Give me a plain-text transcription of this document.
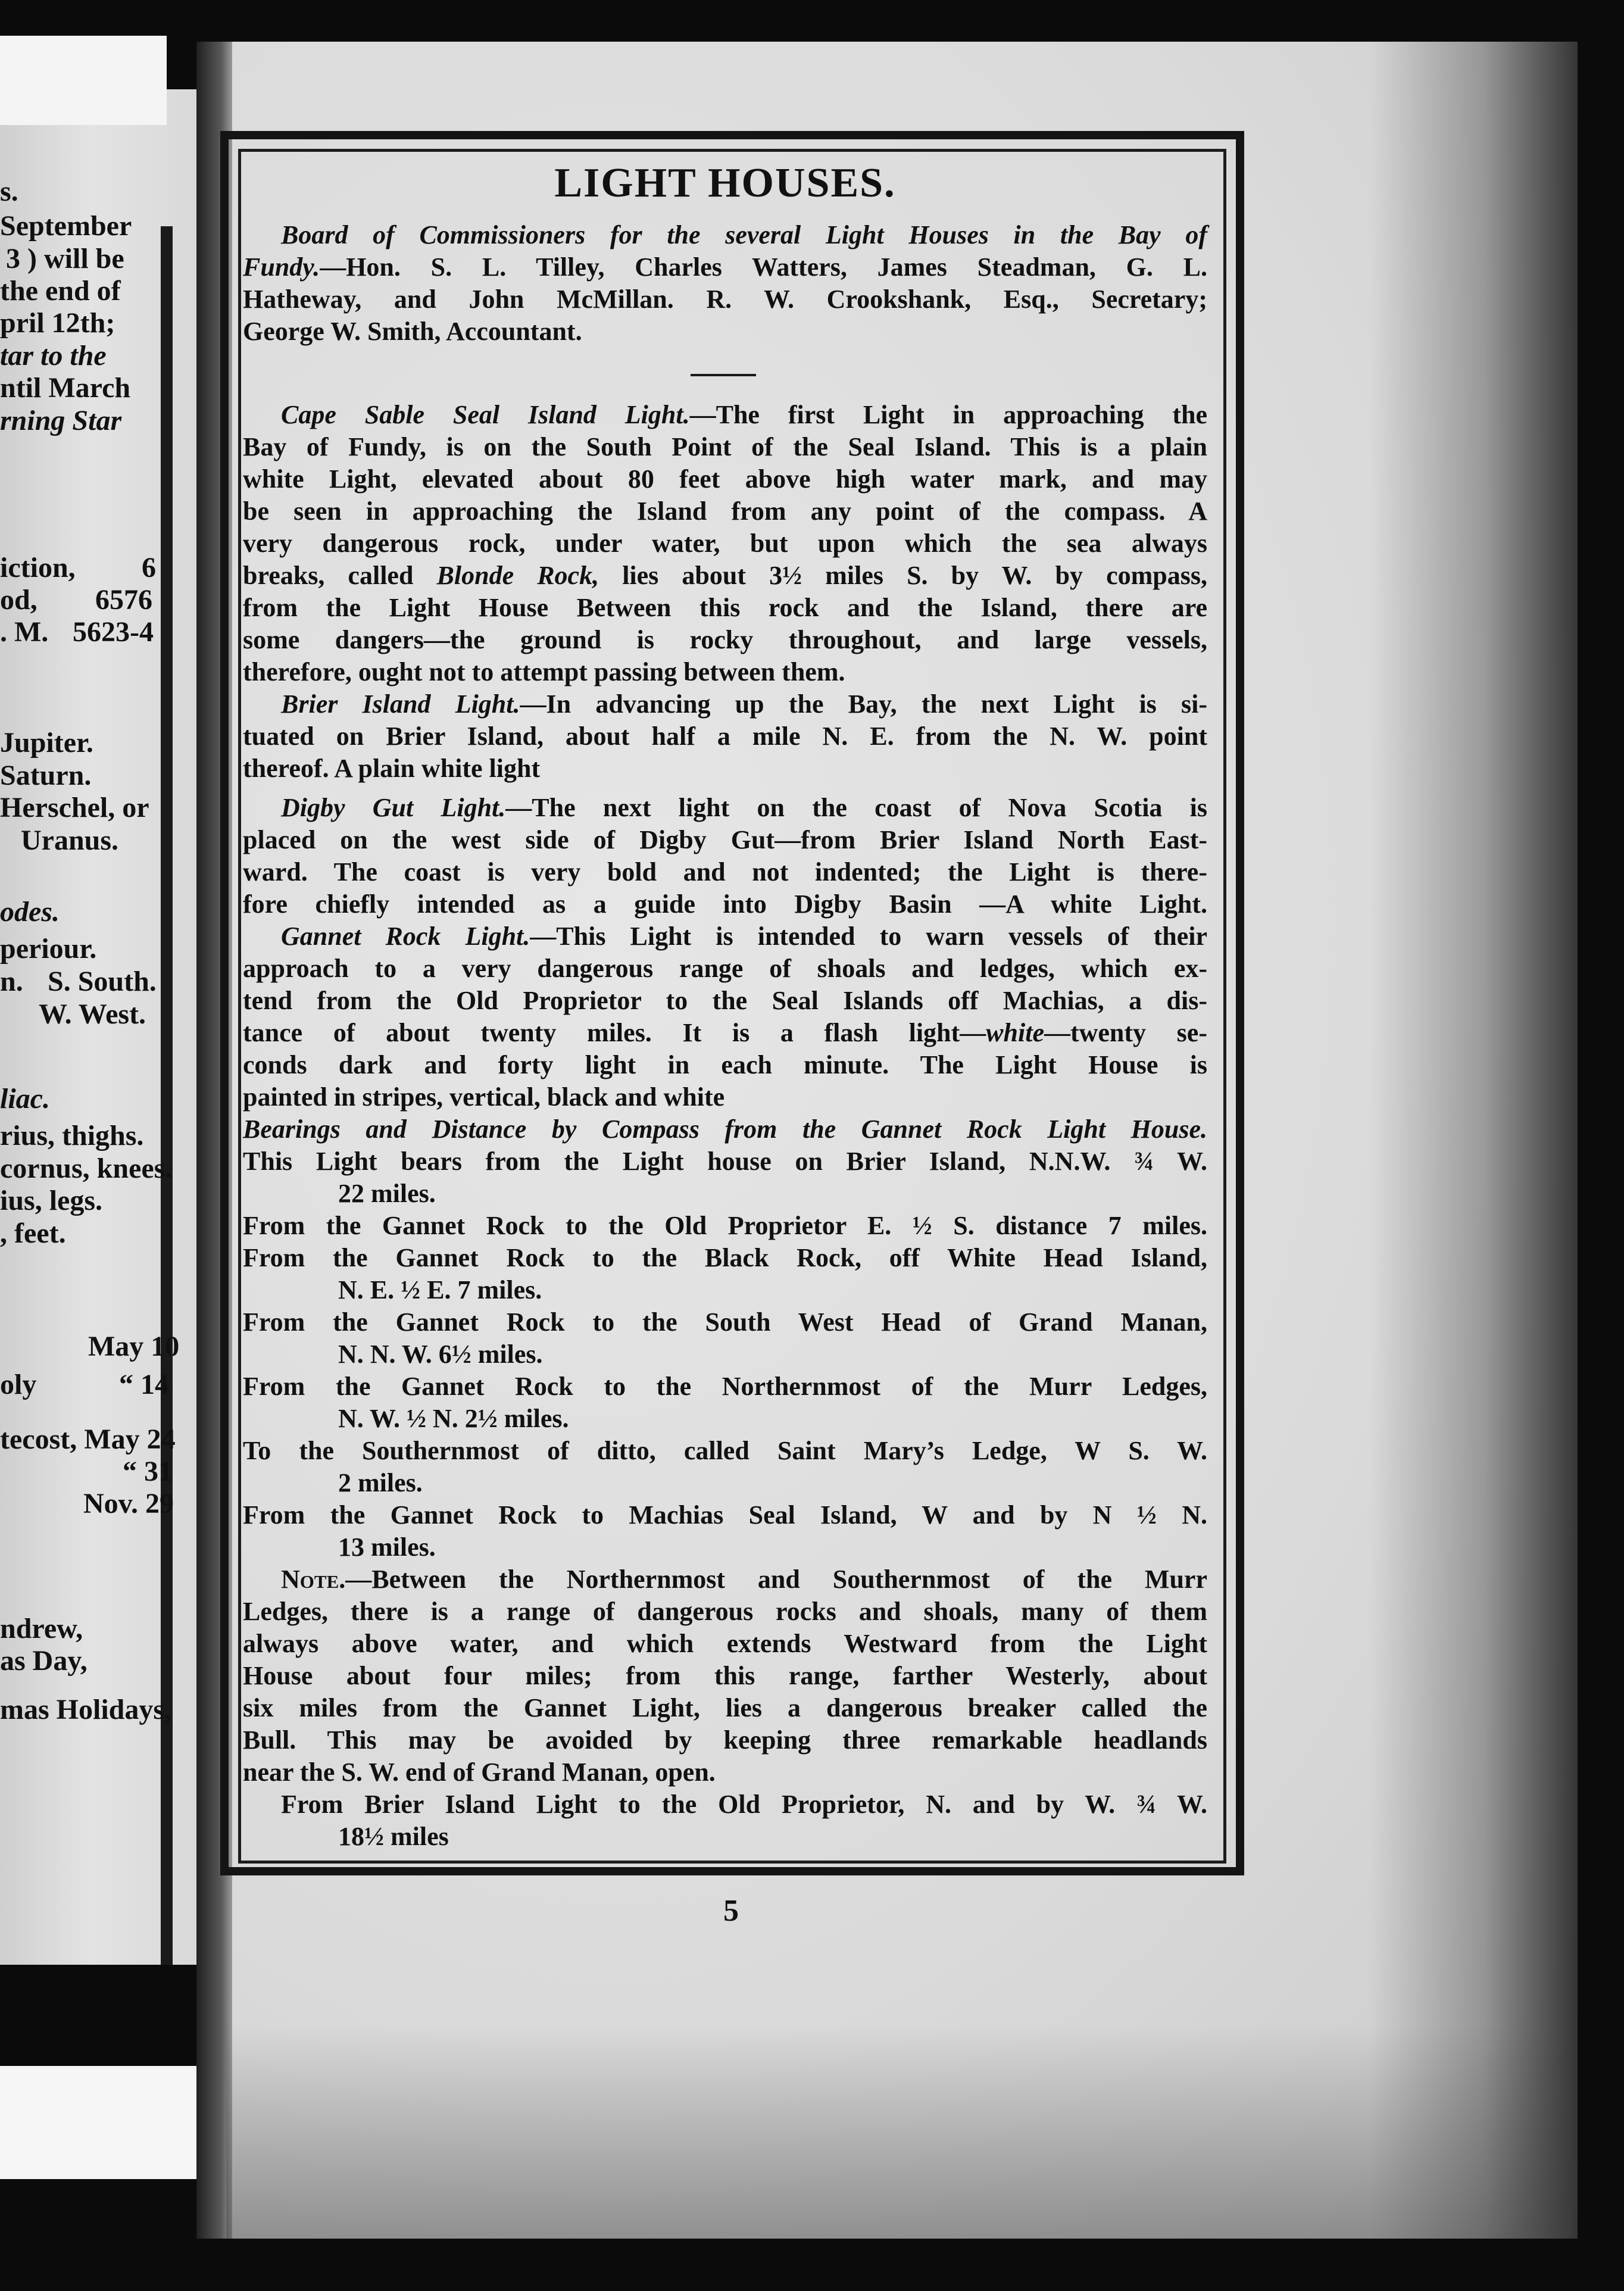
s.
September
3 ) will be
the end of
pril 12th;
tar to the
ntil March
rning Star
iction, 6
od, 6576
. M. 5623-4
Jupiter.
Saturn.
Herschel, or
Uranus.
odes.
periour.
n. S. South.
W. West.
liac.
rius, thighs.
cornus, knees.
ius, legs.
, feet.
May 10
oly	“ 14
tecost, May 24
“ 31
Nov. 29
ndrew,
as Day,
mas Holidays,
LIGHT HOUSES.
Board of Commissioners for the several Light Houses in the Bay of
Fundy.—Hon. S. L. Tilley, Charles Watters, James Steadman, G. L.
Hatheway, and John McMillan. R. W. Crookshank, Esq., Secretary;
George W. Smith, Accountant.
Cape Sable Seal Island Light.—The first Light in approaching the
Bay of Fundy, is on the South Point of the Seal Island. This is a plain
white Light, elevated about 80 feet above high water mark, and may
be seen in approaching the Island from any point of the compass. A
very dangerous rock, under water, but upon which the sea always
breaks, called Blonde Rock, lies about 3½ miles S. by W. by compass,
from the Light House Between this rock and the Island, there are
some dangers—the ground is rocky throughout, and large vessels,
therefore, ought not to attempt passing between them.
Brier Island Light.—In advancing up the Bay, the next Light is si-
tuated on Brier Island, about half a mile N. E. from the N. W. point
thereof. A plain white light
Digby Gut Light.—The next light on the coast of Nova Scotia is
placed on the west side of Digby Gut—from Brier Island North East-
ward. The coast is very bold and not indented; the Light is there-
fore chiefly intended as a guide into Digby Basin —A white Light.
Gannet Rock Light.—This Light is intended to warn vessels of their
approach to a very dangerous range of shoals and ledges, which ex-
tend from the Old Proprietor to the Seal Islands off Machias, a dis-
tance of about twenty miles. It is a flash light—white—twenty se-
conds dark and forty light in each minute. The Light House is
painted in stripes, vertical, black and white
Bearings and Distance by Compass from the Gannet Rock Light House.
This Light bears from the Light house on Brier Island, N.N.W. ¾ W.
22 miles.
From the Gannet Rock to the Old Proprietor E. ½ S. distance 7 miles.
From the Gannet Rock to the Black Rock, off White Head Island,
N. E. ½ E. 7 miles.
From the Gannet Rock to the South West Head of Grand Manan,
N. N. W. 6½ miles.
From the Gannet Rock to the Northernmost of the Murr Ledges,
N. W. ½ N. 2½ miles.
To the Southernmost of ditto, called Saint Mary’s Ledge, W S. W.
2 miles.
From the Gannet Rock to Machias Seal Island, W and by N ½ N.
13 miles.
Note.—Between the Northernmost and Southernmost of the Murr
Ledges, there is a range of dangerous rocks and shoals, many of them
always above water, and which extends Westward from the Light
House about four miles; from this range, farther Westerly, about
six miles from the Gannet Light, lies a dangerous breaker called the
Bull. This may be avoided by keeping three remarkable headlands
near the S. W. end of Grand Manan, open.
From Brier Island Light to the Old Proprietor, N. and by W. ¾ W.
18½ miles
5
